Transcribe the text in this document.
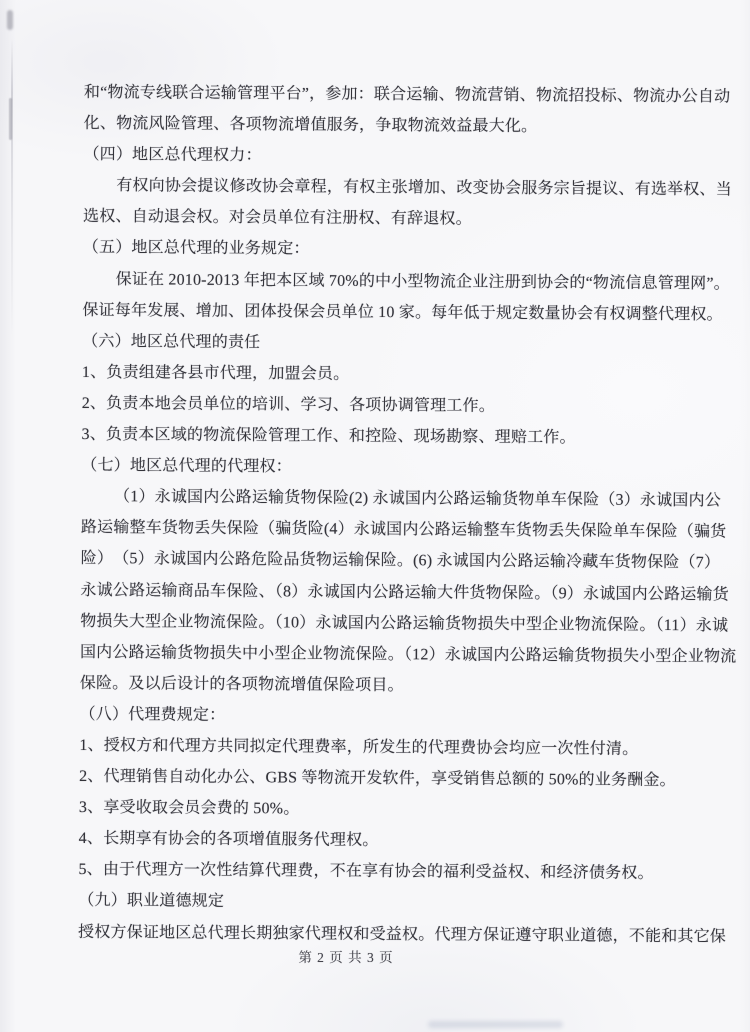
和“物流专线联合运输管理平台”，参加：联合运输、物流营销、物流招投标、物流办公自动
化、物流风险管理、各项物流增值服务，争取物流效益最大化。
（四）地区总代理权力：
有权向协会提议修改协会章程，有权主张增加、改变协会服务宗旨提议、有选举权、当
选权、自动退会权。对会员单位有注册权、有辞退权。
（五）地区总代理的业务规定：
保证在 2010-2013 年把本区域 70%的中小型物流企业注册到协会的“物流信息管理网”。
保证每年发展、增加、团体投保会员单位 10 家。每年低于规定数量协会有权调整代理权。
（六）地区总代理的责任
1、负责组建各县市代理，加盟会员。
2、负责本地会员单位的培训、学习、各项协调管理工作。
3、负责本区域的物流保险管理工作、和控险、现场勘察、理赔工作。
（七）地区总代理的代理权：
（1）永诚国内公路运输货物保险(2) 永诚国内公路运输货物单车保险（3）永诚国内公
路运输整车货物丢失保险（骗货险(4）永诚国内公路运输整车货物丢失保险单车保险（骗货
险）　（5）永诚国内公路危险品货物运输保险。(6) 永诚国内公路运输冷藏车货物保险（7）
永诚公路运输商品车保险、（8）永诚国内公路运输大件货物保险。（9）永诚国内公路运输货
物损失大型企业物流保险。（10）永诚国内公路运输货物损失中型企业物流保险。（11）永诚
国内公路运输货物损失中小型企业物流保险。（12）永诚国内公路运输货物损失小型企业物流
保险。及以后设计的各项物流增值保险项目。
（八）代理费规定：
1、授权方和代理方共同拟定代理费率，所发生的代理费协会均应一次性付清。
2、代理销售自动化办公、GBS 等物流开发软件，享受销售总额的 50%的业务酬金。
3、享受收取会员会费的 50%。
4、长期享有协会的各项增值服务代理权。
5、由于代理方一次性结算代理费，不在享有协会的福利受益权、和经济债务权。
（九）职业道德规定
授权方保证地区总代理长期独家代理权和受益权。代理方保证遵守职业道德，不能和其它保
第 2 页 共 3 页
